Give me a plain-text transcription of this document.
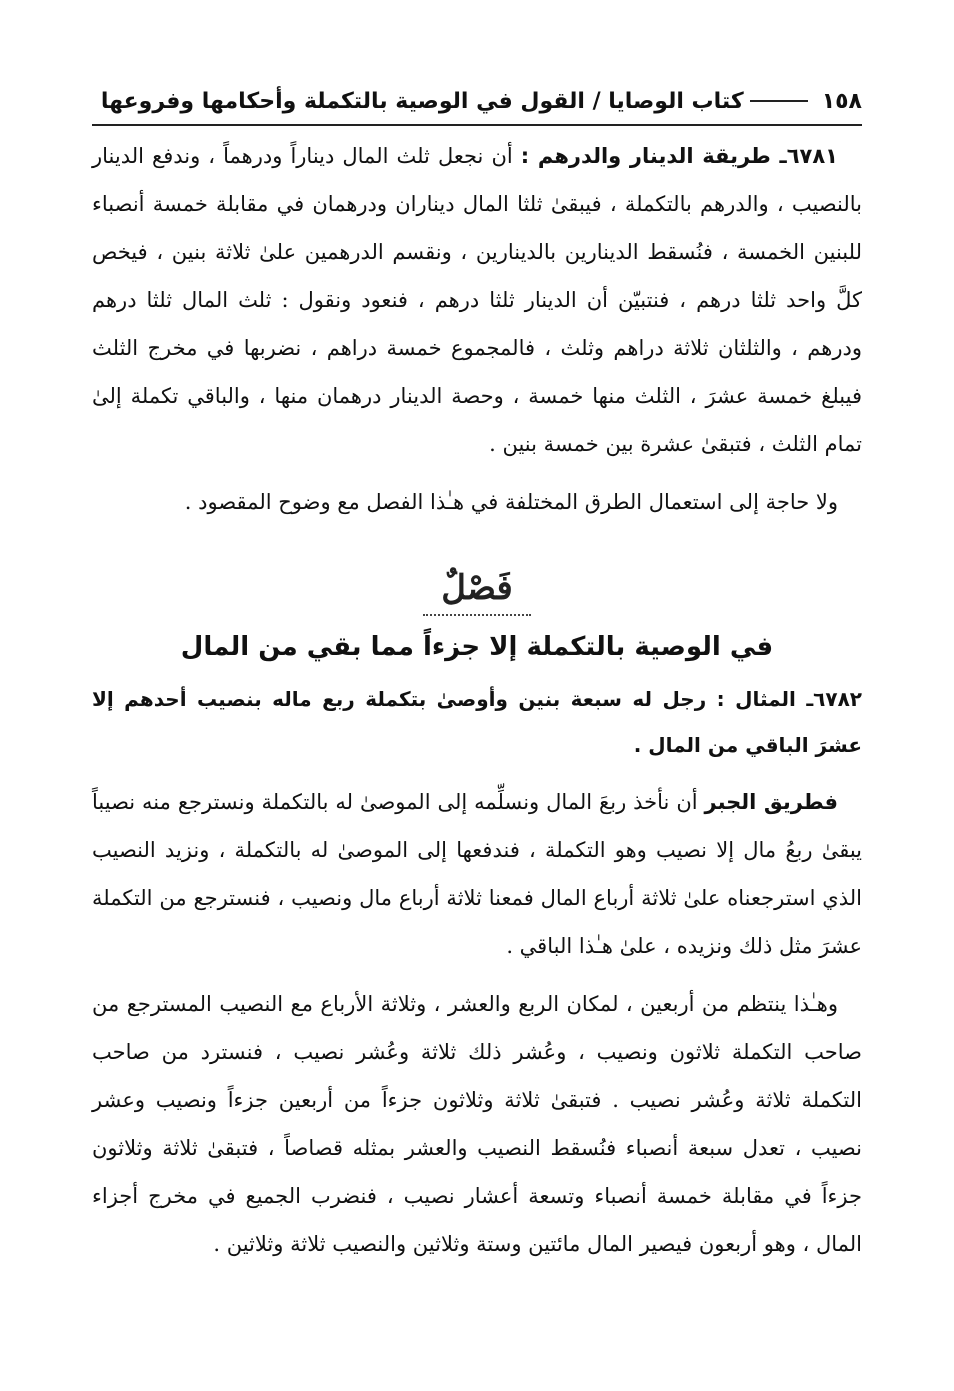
١٥٨
كتاب الوصايا / القول في الوصية بالتكملة وأحكامها وفروعها

٦٧٨١ـ طريقة الدينار والدرهم : أن نجعل ثلث المال ديناراً ودرهماً ، وندفع الدينار بالنصيب ، والدرهم بالتكملة ، فيبقىٰ ثلثا المال ديناران ودرهمان في مقابلة خمسة أنصباء للبنين الخمسة ، فنُسقط الدينارين بالدينارين ، ونقسم الدرهمين علىٰ ثلاثة بنين ، فيخص كلَّ واحد ثلثا درهم ، فنتبيّن أن الدينار ثلثا درهم ، فنعود ونقول : ثلث المال ثلثا درهم ودرهم ، والثلثان ثلاثة دراهم وثلث ، فالمجموع خمسة دراهم ، نضربها في مخرج الثلث فيبلغ خمسة عشرَ ، الثلث منها خمسة ، وحصة الدينار درهمان منها ، والباقي تكملة إلىٰ تمام الثلث ، فتبقىٰ عشرة بين خمسة بنين .

ولا حاجة إلى استعمال الطرق المختلفة في هـٰذا الفصل مع وضوح المقصود .

فَصْلٌ
في الوصية بالتكملة إلا جزءاً مما بقي من المال

٦٧٨٢ـ المثال : رجل له سبعة بنين وأوصىٰ بتكملة ربع ماله بنصيب أحدهم إلا عشرَ الباقي من المال .

فطريق الجبر أن نأخذ ربعَ المال ونسلِّمه إلى الموصىٰ له بالتكملة ونسترجع منه نصيباً يبقىٰ ربعُ مال إلا نصيب وهو التكملة ، فندفعها إلى الموصىٰ له بالتكملة ، ونزيد النصيب الذي استرجعناه علىٰ ثلاثة أرباع المال فمعنا ثلاثة أرباع مال ونصيب ، فنسترجع من التكملة عشرَ مثل ذلك ونزيده ، علىٰ هـٰذا الباقي .

وهـٰذا ينتظم من أربعين ، لمكان الربع والعشر ، وثلاثة الأرباع مع النصيب المسترجع من صاحب التكملة ثلاثون ونصيب ، وعُشر ذلك ثلاثة وعُشر نصيب ، فنسترد من صاحب التكملة ثلاثة وعُشر نصيب . فتبقىٰ ثلاثة وثلاثون جزءاً من أربعين جزءاً ونصيب وعشر نصيب ، تعدل سبعة أنصباء فنُسقط النصيب والعشر بمثله قصاصاً ، فتبقىٰ ثلاثة وثلاثون جزءاً في مقابلة خمسة أنصباء وتسعة أعشار نصيب ، فنضرب الجميع في مخرج أجزاء المال ، وهو أربعون فيصير المال مائتين وستة وثلاثين والنصيب ثلاثة وثلاثين .
